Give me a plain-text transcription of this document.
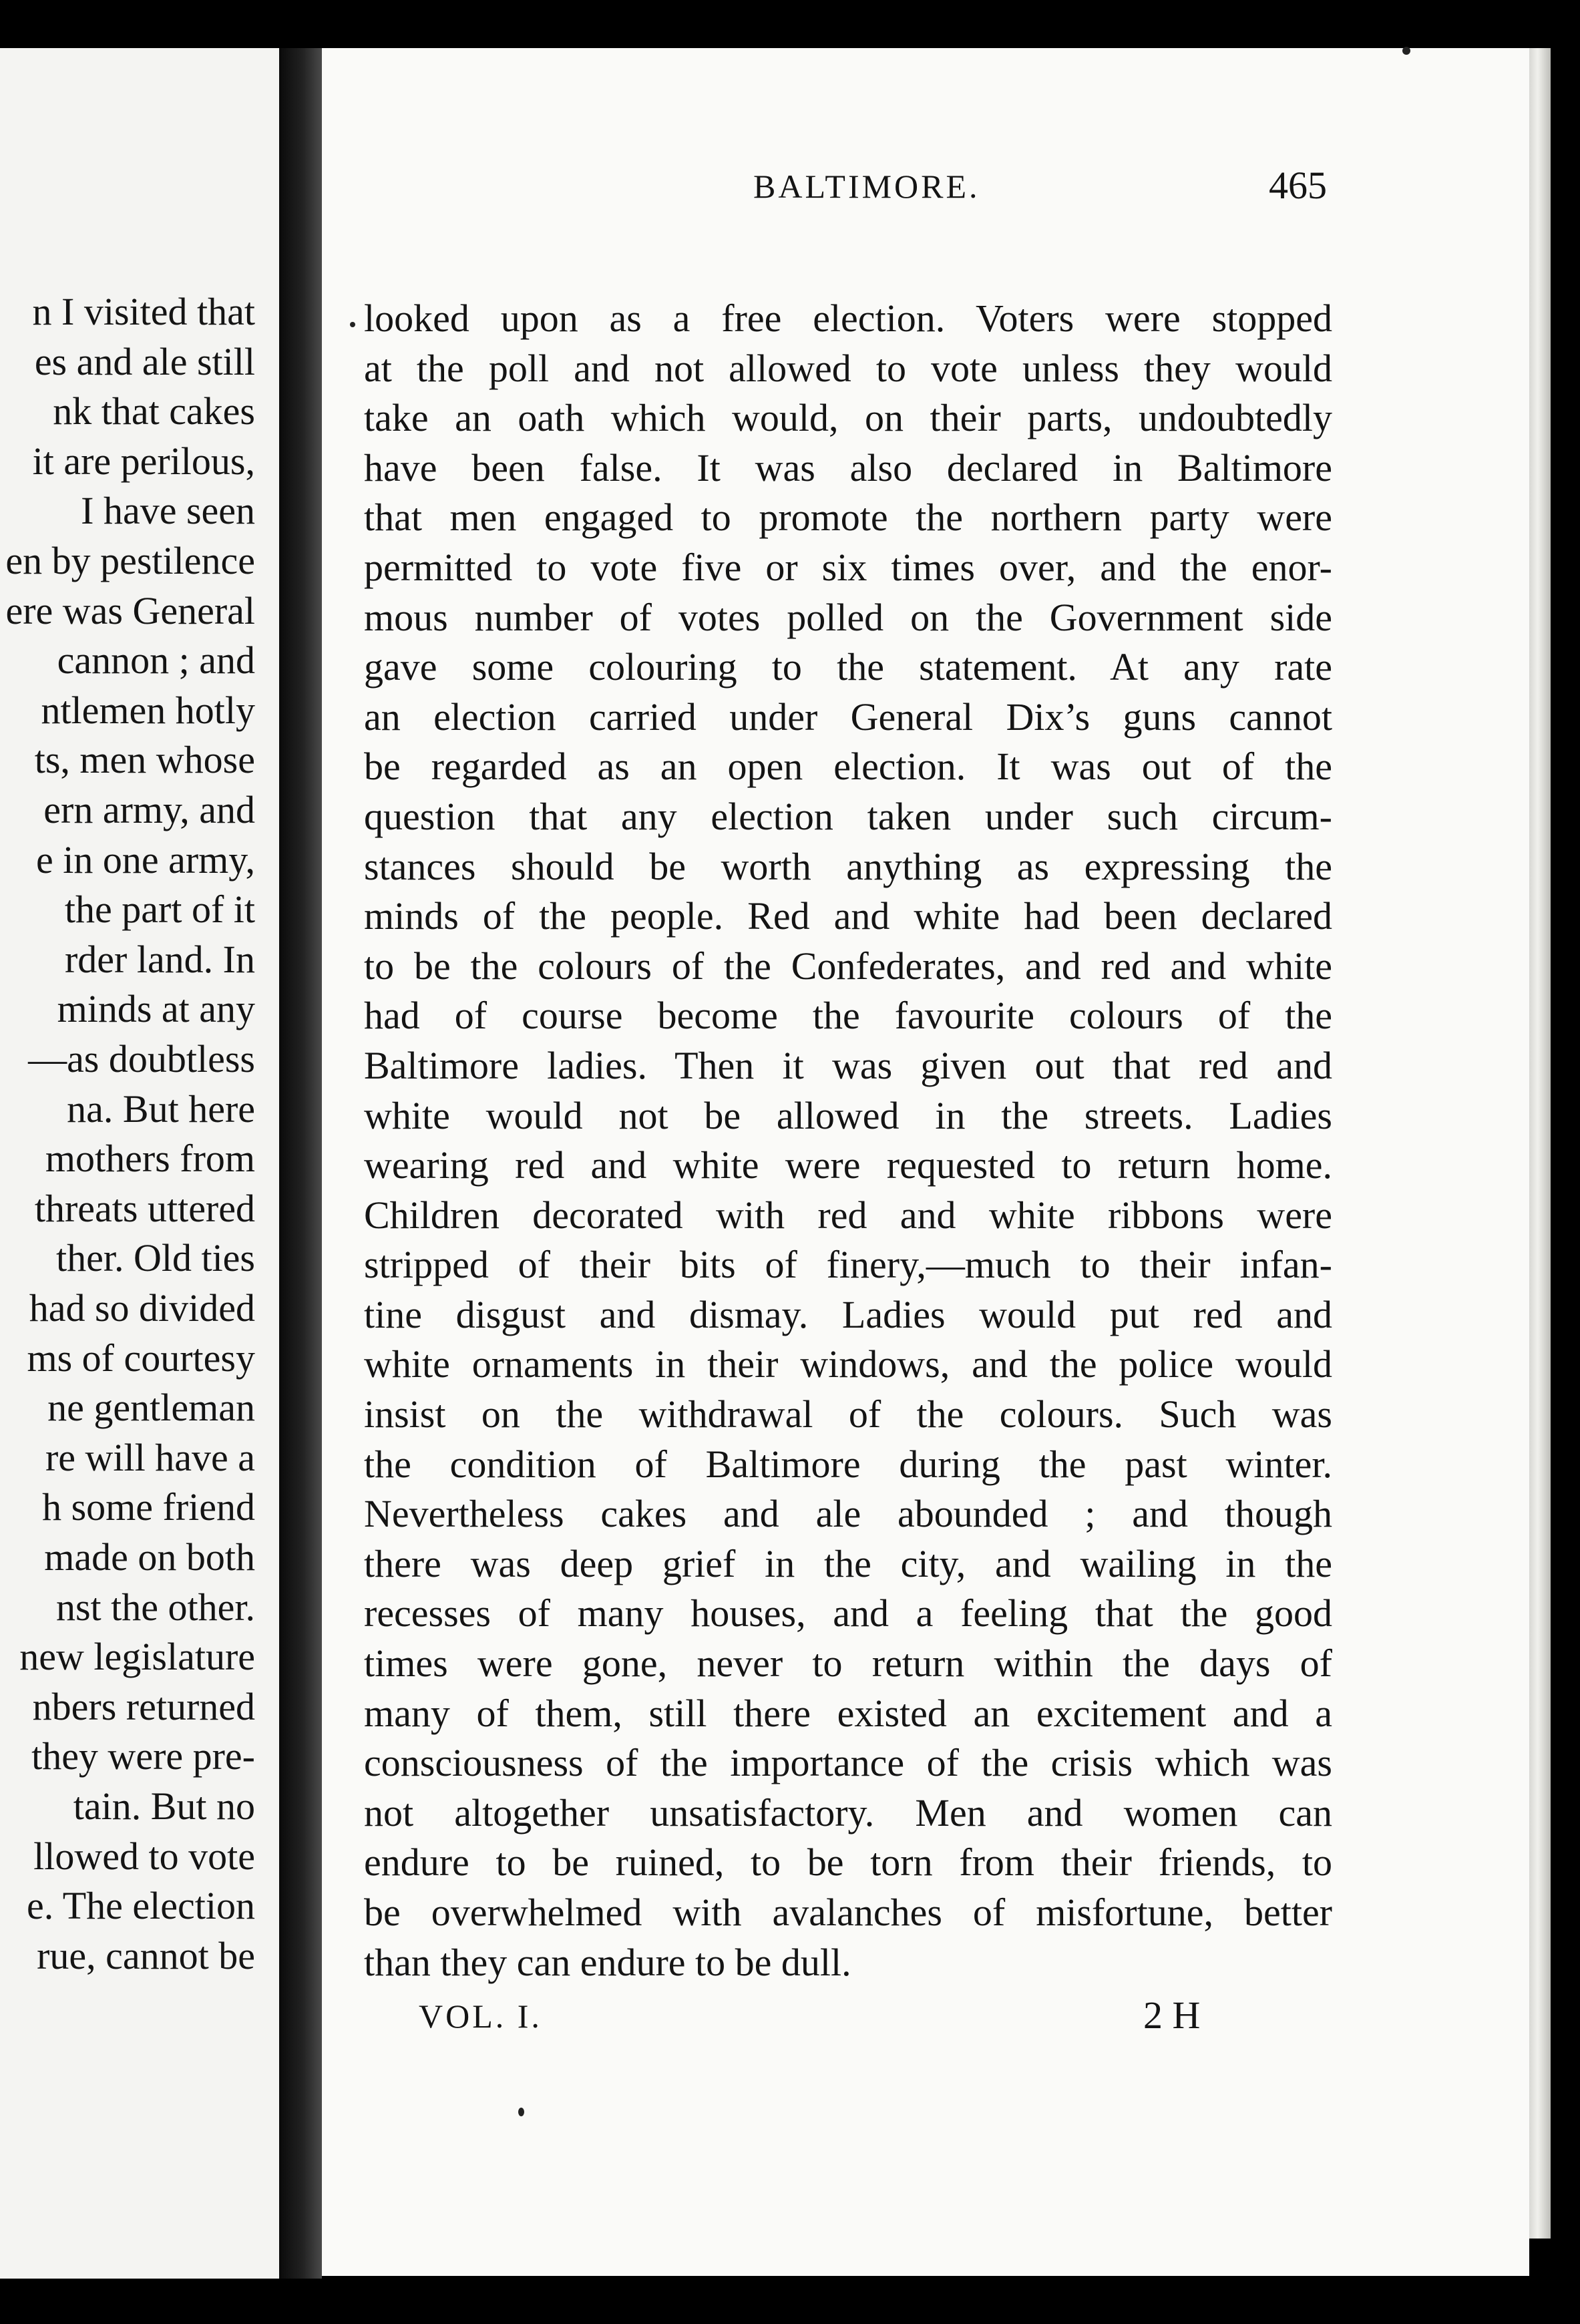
n I visited that
es and ale still
nk that cakes
it are perilous,
I have seen
en by pestilence
ere was General
cannon ; and
ntlemen hotly
ts, men whose
ern army, and
e in one army,
the part of it
rder land. In
minds at any
—as doubtless
na. But here
mothers from
threats uttered
ther. Old ties
had so divided
ms of courtesy
ne gentleman
re will have a
h some friend
made on both
nst the other.
new legislature
nbers returned
they were pre-
tain. But no
llowed to vote
e. The election
rue, cannot be
BALTIMORE.	465
looked upon as a free election. Voters were stopped
at the poll and not allowed to vote unless they would
take an oath which would, on their parts, undoubtedly
have been false. It was also declared in Baltimore
that men engaged to promote the northern party were
permitted to vote five or six times over, and the enor-
mous number of votes polled on the Government side
gave some colouring to the statement. At any rate
an election carried under General Dix’s guns cannot
be regarded as an open election. It was out of the
question that any election taken under such circum-
stances should be worth anything as expressing the
minds of the people. Red and white had been declared
to be the colours of the Confederates, and red and white
had of course become the favourite colours of the
Baltimore ladies. Then it was given out that red and
white would not be allowed in the streets. Ladies
wearing red and white were requested to return home.
Children decorated with red and white ribbons were
stripped of their bits of finery,—much to their infan-
tine disgust and dismay. Ladies would put red and
white ornaments in their windows, and the police would
insist on the withdrawal of the colours. Such was
the condition of Baltimore during the past winter.
Nevertheless cakes and ale abounded ; and though
there was deep grief in the city, and wailing in the
recesses of many houses, and a feeling that the good
times were gone, never to return within the days of
many of them, still there existed an excitement and a
consciousness of the importance of the crisis which was
not altogether unsatisfactory. Men and women can
endure to be ruined, to be torn from their friends, to
be overwhelmed with avalanches of misfortune, better
than they can endure to be dull.
VOL. I.	2 H
